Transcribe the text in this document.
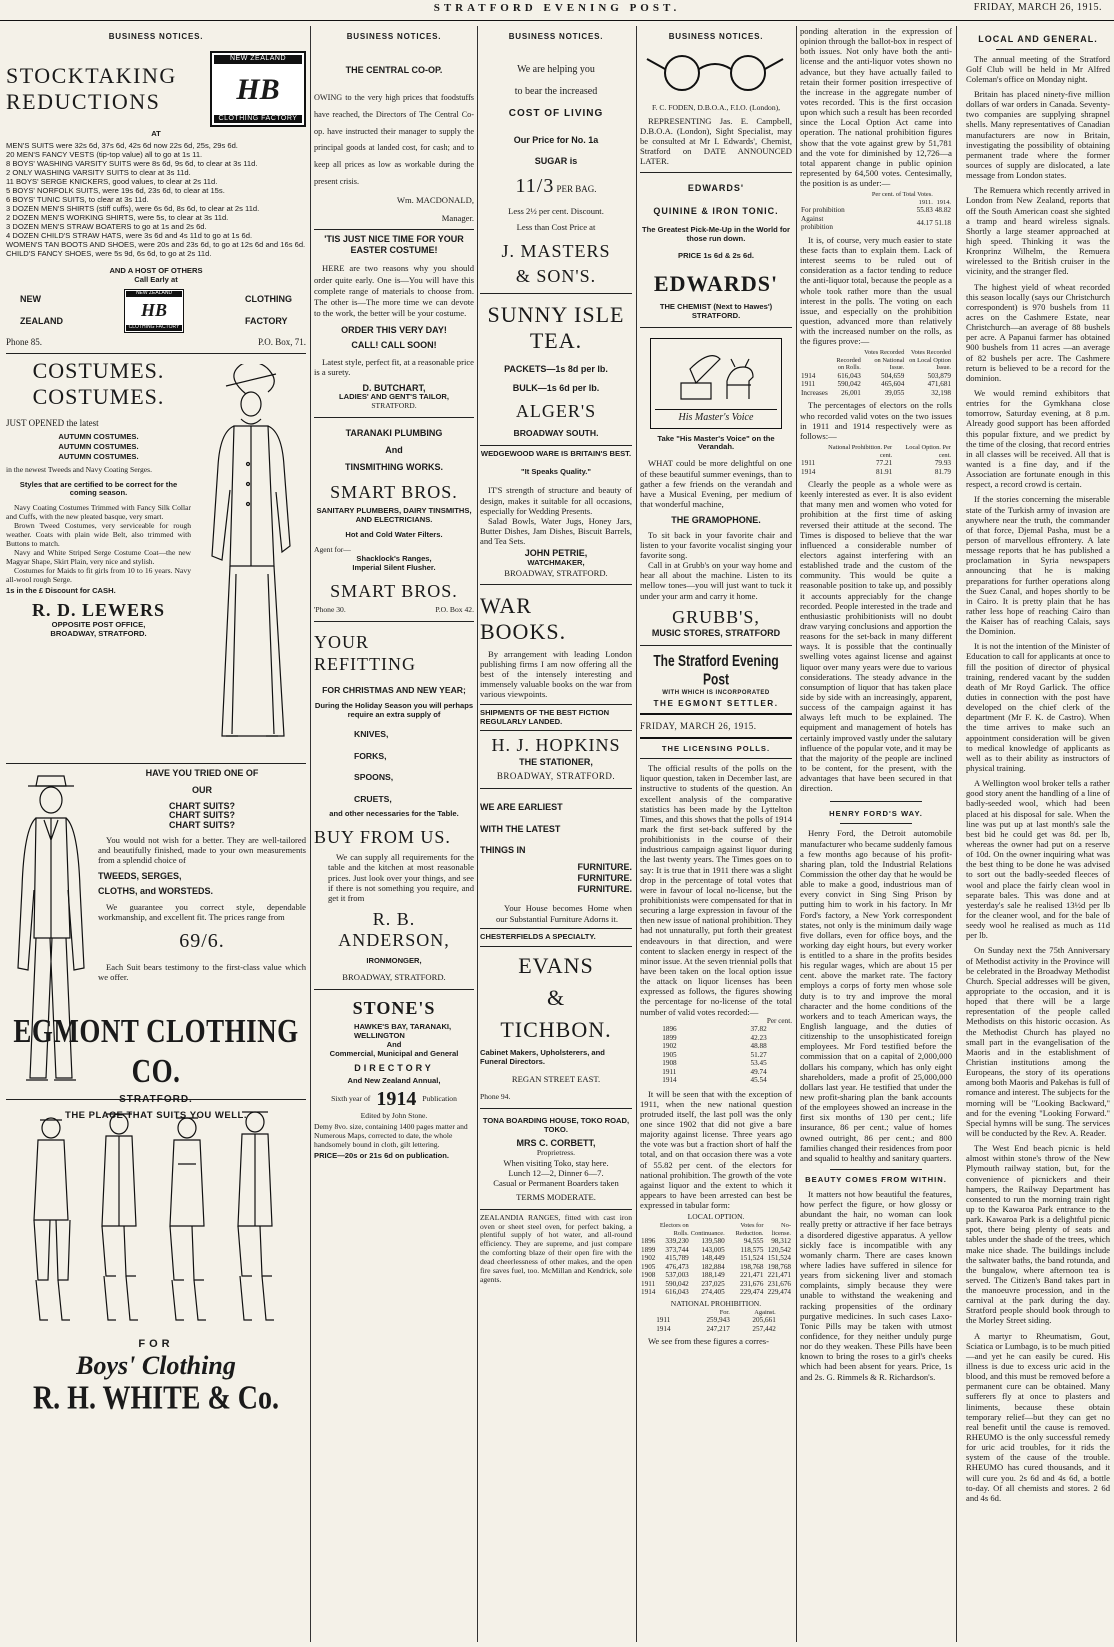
STRATFORD EVENING POST.	FRIDAY, MARCH 26, 1915.
BUSINESS NOTICES.
STOCKTAKING
REDUCTIONS
NEW ZEALAND
HB
CLOTHING FACTORY
AT
MEN'S SUITS were 32s 6d, 37s 6d, 42s 6d now 22s 6d, 25s, 29s 6d.
20 MEN'S FANCY VESTS (tip-top value) all to go at 1s 11.
8 BOYS' WASHING VARSITY SUITS were 8s 6d, 9s 6d, to clear at 3s 11d.
2 ONLY WASHING VARSITY SUITS to clear at 3s 11d.
11 BOYS' SERGE KNICKERS, good values, to clear at 2s 11d.
5 BOYS' NORFOLK SUITS, were 19s 6d, 23s 6d, to clear at 15s.
6 BOYS' TUNIC SUITS, to clear at 3s 11d.
3 DOZEN MEN'S SHIRTS (stiff cuffs), were 6s 6d, 8s 6d, to clear at 2s 11d.
2 DOZEN MEN'S WORKING SHIRTS, were 5s, to clear at 3s 11d.
3 DOZEN MEN'S STRAW BOATERS to go at 1s and 2s 6d.
4 DOZEN CHILD'S STRAW HATS, were 3s 6d and 4s 11d to go at 1s 6d.
WOMEN'S TAN BOOTS AND SHOES, were 20s and 23s 6d, to go at 12s 6d and 16s 6d.
CHILD'S FANCY SHOES, were 5s 9d, 6s 6d, to go at 2s 11d.
AND A HOST OF OTHERS
Call Early at
NEW
ZEALAND
NEW ZEALAND
HB
CLOTHING FACTORY
CLOTHING
FACTORY
Phone 85.	P.O. Box, 71.
COSTUMES.
COSTUMES.
JUST OPENED the latest
AUTUMN COSTUMES.
AUTUMN COSTUMES.
AUTUMN COSTUMES.
in the newest Tweeds and Navy Coating Serges.
Styles that are certified to be correct for the coming season.
Navy Coating Costumes Trimmed with Fancy Silk Collar and Cuffs, with the new pleated basque, very smart.
Brown Tweed Costumes, very serviceable for rough weather. Coats with plain wide Belt, also trimmed with Buttons to match.
Navy and White Striped Serge Costume Coat—the new Magyar Shape, Skirt Plain, very nice and stylish.
Costumes for Maids to fit girls from 10 to 16 years. Navy all-wool rough Serge.
1s in the £ Discount for CASH.
R. D. LEWERS
OPPOSITE POST OFFICE,
BROADWAY, STRATFORD.
HAVE YOU TRIED ONE OF
OUR
CHART SUITS?
CHART SUITS?
CHART SUITS?
You would not wish for a better. They are well-tailored and beautifully finished, made to your own measurements from a splendid choice of
TWEEDS, SERGES,
CLOTHS, and WORSTEDS.
We guarantee you correct style, dependable workmanship, and excellent fit. The prices range from
69/6.
Each Suit bears testimony to the first-class value which we offer.
EGMONT CLOTHING CO.
STRATFORD.
THE PLACE THAT SUITS YOU WELL.
FOR
Boys' Clothing
R. H. WHITE & Co.
BUSINESS NOTICES.
THE CENTRAL CO-OP.
OWING to the very high prices that foodstuffs have reached, the Directors of The Central Co-op. have instructed their manager to supply the principal goods at landed cost, for cash; and to keep all prices as low as workable during the present crisis.
Wm. MACDONALD,
Manager.
'TIS JUST NICE TIME FOR YOUR EASTER COSTUME!
HERE are two reasons why you should order quite early. One is—You will have this complete range of materials to choose from. The other is—The more time we can devote to the work, the better will be your costume.
ORDER THIS VERY DAY!
CALL! CALL SOON!
Latest style, perfect fit, at a reasonable price is a surety.
D. BUTCHART,
LADIES' AND GENT'S TAILOR,
STRATFORD.
TARANAKI PLUMBING
And
TINSMITHING WORKS.
SMART BROS.
SANITARY PLUMBERS, DAIRY TINSMITHS, AND ELECTRICIANS.
Hot and Cold Water Filters.
Agent for—
Shacklock's Ranges,
Imperial Silent Flusher.
SMART BROS.
'Phone 30.	P.O. Box 42.
YOUR
REFITTING
FOR CHRISTMAS AND NEW YEAR;
During the Holiday Season you will perhaps require an extra supply of
KNIVES,
FORKS,
SPOONS,
CRUETS,
and other necessaries for the Table.
BUY FROM US.
We can supply all requirements for the table and the kitchen at most reasonable prices. Just look over your things, and see if there is not something you require, and get it from
R. B.
ANDERSON,
IRONMONGER,
BROADWAY, STRATFORD.
STONE'S
HAWKE'S BAY, TARANAKI, WELLINGTON
And
Commercial, Municipal and General
DIRECTORY
And New Zealand Annual,
Sixth year of 1914 Publication
Edited by John Stone.
Demy 8vo. size, containing 1400 pages matter and Numerous Maps, corrected to date, the whole handsomely bound in cloth, gilt lettering.
PRICE—20s or 21s 6d on publication.
BUSINESS NOTICES.
We are helping you
to bear the increased
COST OF LIVING
Our Price for No. 1a
SUGAR is
11/3 PER BAG.
Less 2½ per cent. Discount.
Less than Cost Price at
J. MASTERS
& SON'S.
SUNNY ISLE
TEA.
PACKETS—1s 8d per lb.
BULK—1s 6d per lb.
ALGER'S
BROADWAY SOUTH.
WEDGEWOOD WARE IS BRITAIN'S BEST.
"It Speaks Quality."
IT'S strength of structure and beauty of design, makes it suitable for all occasions, especially for Wedding Presents.
Salad Bowls, Water Jugs, Honey Jars, Butter Dishes, Jam Dishes, Biscuit Barrels, and Tea Sets.
JOHN PETRIE,
WATCHMAKER,
BROADWAY, STRATFORD.
WAR
BOOKS.
By arrangement with leading London publishing firms I am now offering all the best of the intensely interesting and immensely valuable books on the war from various viewpoints.
SHIPMENTS OF THE BEST FICTION REGULARLY LANDED.
H. J. HOPKINS
THE STATIONER,
BROADWAY, STRATFORD.
WE ARE EARLIEST
WITH THE LATEST
THINGS IN
FURNITURE.
FURNITURE.
FURNITURE.
Your House becomes Home when our Substantial Furniture Adorns it.
CHESTERFIELDS A SPECIALTY.
EVANS
&
TICHBON.
Cabinet Makers, Upholsterers, and Funeral Directors.
REGAN STREET EAST.
Phone 94.
TONA BOARDING HOUSE, TOKO ROAD, TOKO.
MRS C. CORBETT,
Proprietress.
When visiting Toko, stay here.
Lunch 12—2, Dinner 6—7.
Casual or Permanent Boarders taken
TERMS MODERATE.
ZEALANDIA RANGES, fitted with cast iron oven or sheet steel oven, for perfect baking, a plentiful supply of hot water, and all-round efficiency. They are supreme, and just compare the comforting blaze of their open fire with the dead cheerlessness of other makes, and the open fire saves fuel, too. McMillan and Kendrick, sole agents.
BUSINESS NOTICES.
F. C. FODEN, D.B.O.A., F.I.O. (London),
REPRESENTING Jas. E. Campbell, D.B.O.A. (London), Sight Specialist, may be consulted at Mr I. Edwards', Chemist, Stratford on DATE ANNOUNCED LATER.
EDWARDS'
QUININE & IRON TONIC.
The Greatest Pick-Me-Up in the World for those run down.
PRICE 1s 6d & 2s 6d.
EDWARDS'
THE CHEMIST (Next to Hawes') STRATFORD.
His Master's Voice
Take "His Master's Voice" on the Verandah.
WHAT could be more delightful on one of these beautiful summer evenings, than to gather a few friends on the verandah and have a Musical Evening, per medium of that wonderful machine,
THE GRAMOPHONE.
To sit back in your favorite chair and listen to your favorite vocalist singing your favorite song.
Call in at Grubb's on your way home and hear all about the machine. Listen to its mellow tones—you will just want to tuck it under your arm and carry it home.
GRUBB'S,
MUSIC STORES, STRATFORD
The Stratford Evening Post
WITH WHICH IS INCORPORATED
THE EGMONT SETTLER.
FRIDAY, MARCH 26, 1915.
THE LICENSING POLLS.
The official results of the polls on the liquor question, taken in December last, are instructive to students of the question. An excellent analysis of the comparative statistics has been made by the Lyttelton Times, and this shows that the polls of 1914 mark the first set-back suffered by the prohibitionists in the course of their industrious campaign against liquor during the last twenty years. The Times goes on to say: It is true that in 1911 there was a slight drop in the percentage of total votes that were in favour of local no-license, but the prohibitionists were compensated for that in securing a large expression in favour of the then new issue of national prohibition. They had not unnaturally, put forth their greatest endeavours in that direction, and were content to slacken energy in respect of the minor issue. At the seven triennial polls that have been taken on the local option issue the attack on liquor licenses has been expressed as follows, the figures showing the percentage for no-license of the total number of valid votes recorded:—
Per cent.
1896	37.82
1899	42.23
1902	48.88
1905	51.27
1908	53.45
1911	49.74
1914	45.54
It will be seen that with the exception of 1911, when the new national question protruded itself, the last poll was the only one since 1902 that did not give a bare majority against license. Three years ago the vote was but a fraction short of half the total, and on that occasion there was a vote of 55.82 per cent. of the electors for national prohibition. The growth of the vote against liquor and the extent to which it appears to have been arrested can best be expressed in tabular form:
LOCAL OPTION.
	Electors on Rolls.	Continuance.	Votes for Reduction.	No-license.
1896	339,230	139,580	94,555	98,312
1899	373,744	143,005	118,575	120,542
1902	415,789	148,449	151,524	151,524
1905	476,473	182,884	198,768	198,768
1908	537,003	188,149	221,471	221,471
1911	590,042	237,025	231,676	231,676
1914	616,043	274,405	229,474	229,474
NATIONAL PROHIBITION.
	For.	Against.
1911	259,943	205,661
1914	247,217	257,442
We see from these figures a corres-
ponding alteration in the expression of opinion through the ballot-box in respect of both issues. Not only have both the anti-license and the anti-liquor votes shown no advance, but they have actually failed to retain their former position irrespective of the increase in the aggregate number of votes recorded. This is the first occasion upon which such a result has been recorded since the Local Option Act came into operation. The national prohibition figures show that the vote against grew by 51,781 and the vote for diminished by 12,726—a total apparent change in public opinion represented by 64,500 votes. Centesimally, the position is as under:—
	Per cent. of Total Votes. 1911.	1914.
For prohibition	55.83	48.82
Against prohibition	44.17	51.18
It is, of course, very much easier to state these facts than to explain them. Lack of interest seems to be ruled out of consideration as a factor tending to reduce the anti-liquor total, because the people as a whole took rather more than the usual interest in the polls. The voting on each issue, and especially on the prohibition question, advanced more than relatively with the increased number on the rolls, as the figures prove:—
	Recorded on Rolls.	Votes Recorded on National Issue.	Votes Recorded on Local Option Issue.
1914	616,043	504,659	503,879
1911	590,042	465,604	471,681
Increases	26,001	39,055	32,198
The percentages of electors on the rolls who recorded valid votes on the two issues in 1911 and 1914 respectively were as follows:—
	National Prohibition. Per cent.	Local Option. Per cent.
1911	77.21	79.93
1914	81.91	81.79
Clearly the people as a whole were as keenly interested as ever. It is also evident that many men and women who voted for prohibition at the first time of asking reversed their attitude at the second. The Times is disposed to believe that the war influenced a considerable number of electors against interfering with an established trade and the custom of the community. This would be quite a reasonable position to take up, and possibly it accounts appreciably for the change recorded. People interested in the trade and enthusiastic prohibitionists will no doubt draw varying conclusions and apportion the reasons for the set-back in many different ways. It is possible that the continually swelling votes against license and against liquor over many years were due to various considerations. The steady advance in the consumption of liquor that has taken place side by side with an increasingly, apparent, success of the campaign against it has always left much to be explained. The equipment and management of hotels has certainly improved vastly under the salutary influence of the popular vote, and it may be that the majority of the people are inclined to be content, for the present, with the advantages that have been secured in that direction.
HENRY FORD'S WAY.
Henry Ford, the Detroit automobile manufacturer who became suddenly famous a few months ago because of his profit-sharing plan, told the Industrial Relations Commission the other day that he would be able to make a good, industrious man of every convict in Sing Sing Prison by putting him to work in his factory. In Mr Ford's factory, a New York correspondent states, not only is the minimum daily wage five dollars, even for office boys, and the working day eight hours, but every worker is entitled to a share in the profits besides his regular wages, which are about 15 per cent. above the market rate. The factory employs a corps of forty men whose sole duty is to try and improve the moral character and the home conditions of the workers and to teach American ways, the English language, and the duties of citizenship to the unsophisticated foreign employees. Mr Ford testified before the commission that on a capital of 2,000,000 dollars his company, which has only eight shareholders, made a profit of 25,000,000 dollars last year. He testified that under the new profit-sharing plan the bank accounts of the employees showed an increase in the first six months of 130 per cent.; life insurance, 86 per cent.; value of homes owned outright, 86 per cent.; and 800 families changed their residences from poor and squalid to healthy and sanitary quarters.
BEAUTY COMES FROM WITHIN.
It matters not how beautiful the features, how perfect the figure, or how glossy or abundant the hair, no woman can look really pretty or attractive if her face betrays a disordered digestive apparatus. A yellow sickly face is incompatible with any womanly charm. There are cases known where ladies have suffered in silence for years from sickening liver and stomach complaints, simply because they were unable to withstand the weakening and racking propensities of the ordinary purgative medicines. In such cases Laxo-Tonic Pills may be taken with utmost confidence, for they neither unduly purge nor do they weaken. These Pills have been known to bring the roses to a girl's cheeks which had been absent for years. Price, 1s and 2s. G. Rimmels & R. Richardson's.
LOCAL AND GENERAL.
The annual meeting of the Stratford Golf Club will be held in Mr Alfred Coleman's office on Monday night.
Britain has placed ninety-five million dollars of war orders in Canada. Seventy-two companies are supplying shrapnel shells. Many representatives of Canadian manufacturers are now in Britain, investigating the possibility of obtaining permanent trade where the former sources of supply are dislocated, a late message from London states.
The Remuera which recently arrived in London from New Zealand, reports that off the South American coast she sighted a tramp and heard wireless signals. Shortly a large steamer approached at high speed. Thinking it was the Kronprinz Wilhelm, the Remuera wirelessed to the British cruiser in the vicinity, and the stranger fled.
The highest yield of wheat recorded this season locally (says our Christchurch correspondent) is 970 bushels from 11 acres on the Cashmere Estate, near Christchurch—an average of 88 bushels per acre. A Papanui farmer has obtained 900 bushels from 11 acres —an average of 82 bushels per acre. The Cashmere return is believed to be a record for the dominion.
We would remind exhibitors that entries for the Gymkhana close tomorrow, Saturday evening, at 8 p.m. Already good support has been afforded this popular fixture, and we predict by the time of the closing, that record entries in all classes will be received. All that is wanted is a fine day, and if the Association are fortunate enough in this respect, a record crowd is certain.
If the stories concerning the miserable state of the Turkish army of invasion are anywhere near the truth, the commander of that force, Djemal Pasha, must be a person of marvellous effrontery. A late message reports that he has published a proclamation in Syria newspapers announcing that he is making preparations for further operations along the Suez Canal, and hopes shortly to be in Cairo. It is pretty plain that he has rather less hope of reaching Cairo than the Kaiser has of reaching Calais, says the Dominion.
It is not the intention of the Minister of Education to call for applicants at once to fill the position of director of physical training, rendered vacant by the sudden death of Mr Royd Garlick. The office duties in connection with the post have developed on the chief clerk of the department (Mr F. K. de Castro). When the time arrives to make such an appointment consideration will be given to medical knowledge of applicants as well as to their ability as instructors of physical training.
A Wellington wool broker tells a rather good story anent the handling of a line of badly-seeded wool, which had been placed at his disposal for sale. When the line was put up at last month's sale the best bid he could get was 8d. per lb, whereas the owner had put on a reserve of 10d. On the owner inquiring what was the best thing to be done he was advised to sort out the badly-seeded fleeces of wool and place the fairly clean wool in separate bales. This was done and at yesterday's sale he realised 13½d per lb for the cleaner wool, and for the bale of seedy wool he realised as much as 11d per lb.
On Sunday next the 75th Anniversary of Methodist activity in the Province will be celebrated in the Broadway Methodist Church. Special addresses will be given, appropriate to the occasion, and it is hoped that there will be a large representation of the people called Methodists on this historic occasion. As the Methodist Church has played no small part in the evangelisation of the Maoris and in the establishment of Christian institutions among the Europeans, the story of its operations among both Maoris and Pakehas is full of romance and interest. The subjects for the morning will be "Looking Backward," and for the evening "Looking Forward." Special hymns will be sung. The services will be conducted by the Rev. A. Reader.
The West End beach picnic is held almost within stone's throw of the New Plymouth railway station, but, for the convenience of picnickers and their hampers, the Railway Department has consented to run the morning train right up to the Kawaroa Park entrance to the park. Kawaroa Park is a delightful picnic spot, there being plenty of seats and tables under the shade of the trees, which make nice shade. The buildings include the saltwater baths, the band rotunda, and the bungalow, where afternoon tea is served. The Citizen's Band takes part in the manoeuvre procession, and in the carnival at the park during the day. Stratford people should book through to the Morley Street siding.
A martyr to Rheumatism, Gout, Sciatica or Lumbago, is to be much pitied—and yet he can easily be cured. His illness is due to excess uric acid in the blood, and this must be removed before a permanent cure can be obtained. Many sufferers fly at once to plasters and liniments, because these obtain temporary relief—but they can get no real benefit until the cause is removed. RHEUMO is the only successful remedy for uric acid troubles, for it rids the system of the cause of the trouble. RHEUMO has cured thousands, and it will cure you. 2s 6d and 4s 6d, a bottle to-day. Of all chemists and stores. 2 6d and 4s 6d.
